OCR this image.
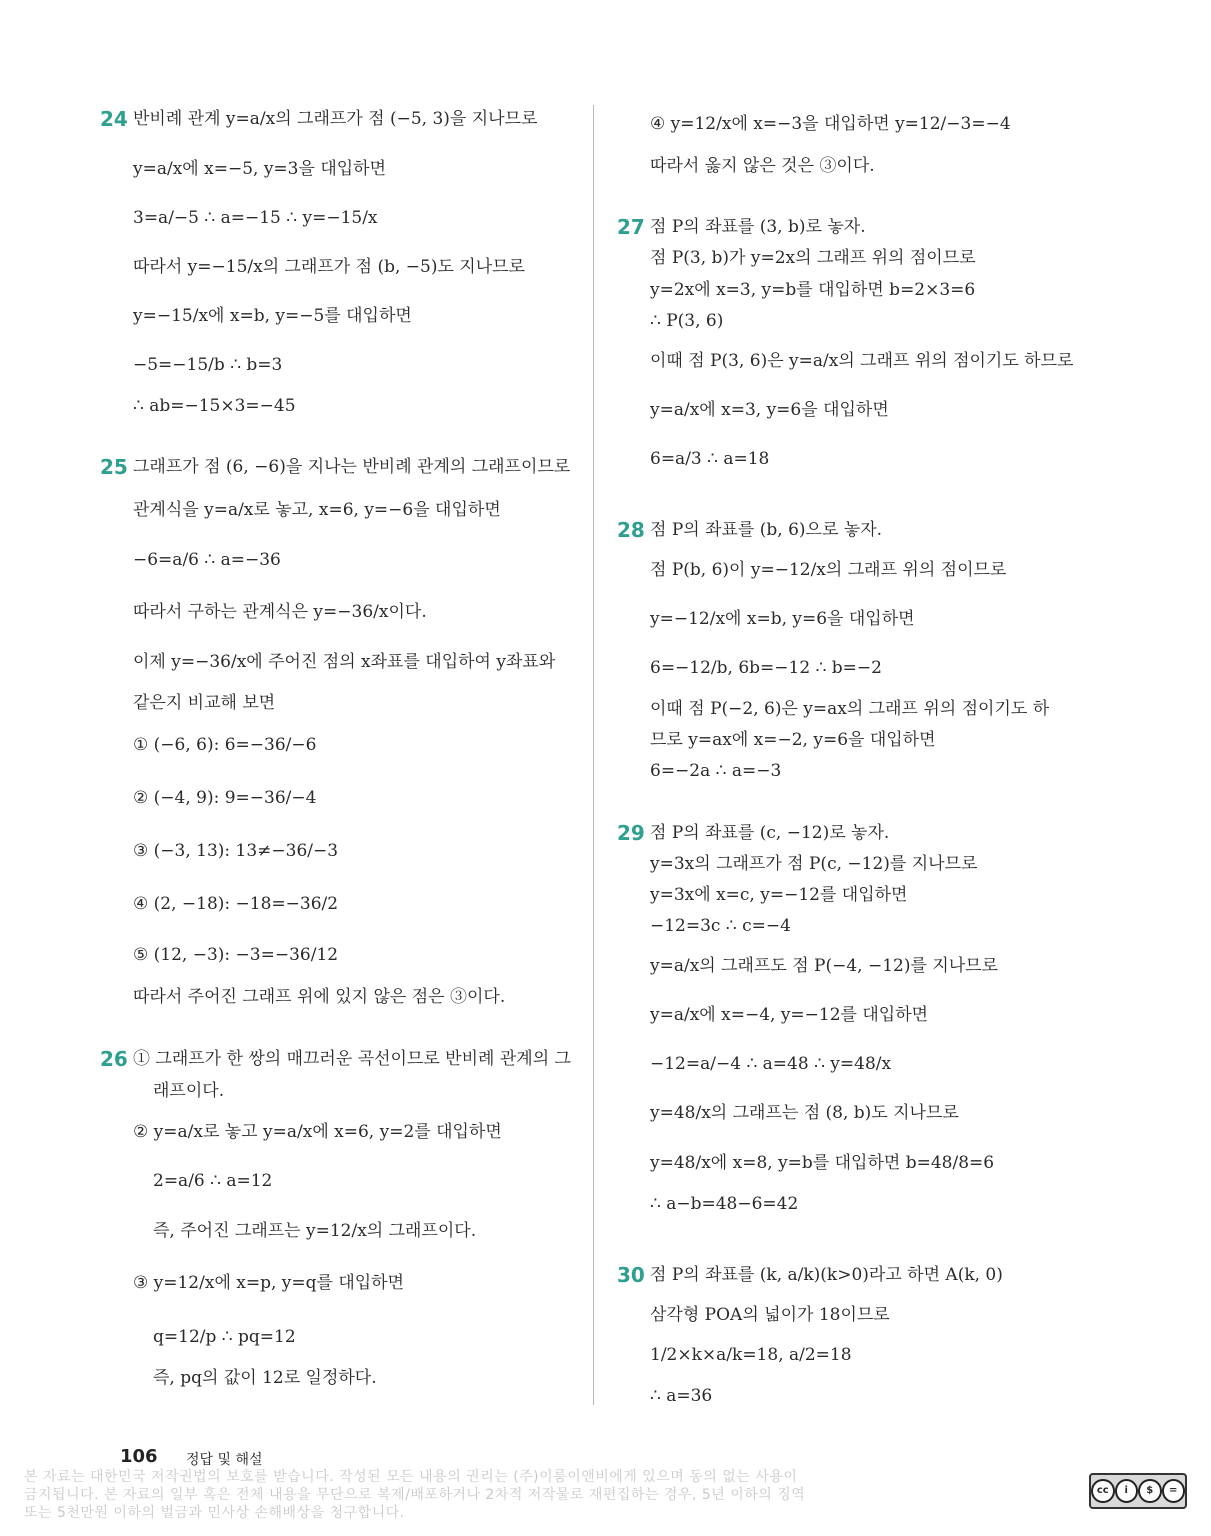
24 반비례 관계 y=a/x의 그래프가 점 (−5, 3)을 지나므로
y=a/x에 x=−5, y=3을 대입하면
3=a/−5 ∴ a=−15 ∴ y=−15/x
따라서 y=−15/x의 그래프가 점 (b, −5)도 지나므로
y=−15/x에 x=b, y=−5를 대입하면
−5=−15/b ∴ b=3
∴ ab=−15×3=−45
25 그래프가 점 (6, −6)을 지나는 반비례 관계의 그래프이므로
관계식을 y=a/x로 놓고, x=6, y=−6을 대입하면
−6=a/6 ∴ a=−36
따라서 구하는 관계식은 y=−36/x이다.
이제 y=−36/x에 주어진 점의 x좌표를 대입하여 y좌표와
같은지 비교해 보면
① (−6, 6): 6=−36/−6
② (−4, 9): 9=−36/−4
③ (−3, 13): 13≠−36/−3
④ (2, −18): −18=−36/2
⑤ (12, −3): −3=−36/12
따라서 주어진 그래프 위에 있지 않은 점은 ③이다.
26 ① 그래프가 한 쌍의 매끄러운 곡선이므로 반비례 관계의 그
래프이다.
② y=a/x로 놓고 y=a/x에 x=6, y=2를 대입하면
2=a/6 ∴ a=12
즉, 주어진 그래프는 y=12/x의 그래프이다.
③ y=12/x에 x=p, y=q를 대입하면
q=12/p ∴ pq=12
즉, pq의 값이 12로 일정하다.
④ y=12/x에 x=−3을 대입하면 y=12/−3=−4
따라서 옳지 않은 것은 ③이다.
27 점 P의 좌표를 (3, b)로 놓자.
점 P(3, b)가 y=2x의 그래프 위의 점이므로
y=2x에 x=3, y=b를 대입하면 b=2×3=6
∴ P(3, 6)
이때 점 P(3, 6)은 y=a/x의 그래프 위의 점이기도 하므로
y=a/x에 x=3, y=6을 대입하면
6=a/3 ∴ a=18
28 점 P의 좌표를 (b, 6)으로 놓자.
점 P(b, 6)이 y=−12/x의 그래프 위의 점이므로
y=−12/x에 x=b, y=6을 대입하면
6=−12/b, 6b=−12 ∴ b=−2
이때 점 P(−2, 6)은 y=ax의 그래프 위의 점이기도 하
므로 y=ax에 x=−2, y=6을 대입하면
6=−2a ∴ a=−3
29 점 P의 좌표를 (c, −12)로 놓자.
y=3x의 그래프가 점 P(c, −12)를 지나므로
y=3x에 x=c, y=−12를 대입하면
−12=3c ∴ c=−4
y=a/x의 그래프도 점 P(−4, −12)를 지나므로
y=a/x에 x=−4, y=−12를 대입하면
−12=a/−4 ∴ a=48 ∴ y=48/x
y=48/x의 그래프는 점 (8, b)도 지나므로
y=48/x에 x=8, y=b를 대입하면 b=48/8=6
∴ a−b=48−6=42
30 점 P의 좌표를 (k, a/k)(k>0)라고 하면 A(k, 0)
삼각형 POA의 넓이가 18이므로
1/2×k×a/k=18, a/2=18
∴ a=36
106 정답 및 해설
본 자료는 대한민국 저작권법의 보호를 받습니다. 작성된 모든 내용의 권리는 (주)이룸이앤비에게 있으며 동의 없는 사용이
금지됩니다. 본 자료의 일부 혹은 전체 내용을 무단으로 복제/배포하거나 2차적 저작물로 재편집하는 경우, 5년 이하의 징역
또는 5천만원 이하의 벌금과 민사상 손해배상을 청구합니다.
cc	i	$	=
